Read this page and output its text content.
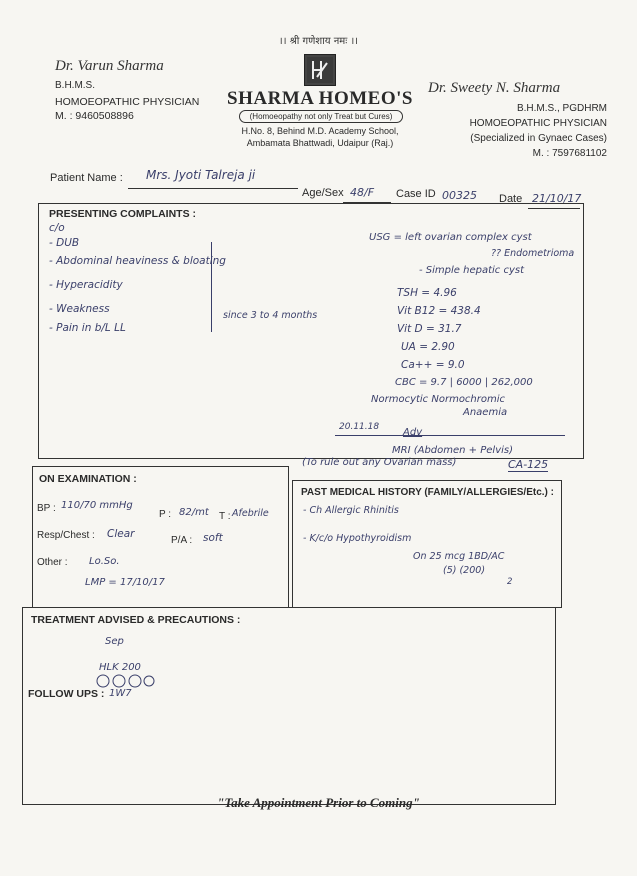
।। श्री गणेशाय नमः ।।
Dr. Varun Sharma
B.H.M.S.
HOMOEOPATHIC PHYSICIAN
M. : 9460508896
SHARMA HOMEO'S
(Homoeopathy not only Treat but Cures)
H.No. 8, Behind M.D. Academy School,
Ambamata Bhattwadi, Udaipur (Raj.)
Dr. Sweety N. Sharma
B.H.M.S., PGDHRM
HOMOEOPATHIC PHYSICIAN
(Specialized in Gynaec Cases)
M. : 7597681102
Patient Name : Mrs. Jyoti Talreja ji
Age/Sex 48/F Case ID 00325 Date 21/10/17
PRESENTING COMPLAINTS :
c/o
- DUB
- Abdominal heaviness & bloating
- Hyperacidity
- Weakness
- Pain in b/L LL
since 3 to 4 months
USG = left ovarian complex cyst
?? Endometrioma
- Simple hepatic cyst
TSH = 4.96
Vit B12 = 438.4
Vit D = 31.7
UA = 2.90
Ca++ = 9.0
CBC = 9.7 | 6000 | 262,000
Normocytic Normochromic
Anaemia
20.11.18 Adv
MRI (Abdomen + Pelvis)
(To rule out any Ovarian mass)	CA-125
ON EXAMINATION :
BP : 110/70 mmHg
P : 82/mt T : Afebrile
Resp/Chest : Clear
P/A : soft
Other : Lo.So.
LMP = 17/10/17
PAST MEDICAL HISTORY (FAMILY/ALLERGIES/Etc.) :
- Ch Allergic Rhinitis
- K/c/o Hypothyroidism
On 25 mcg 1BD/AC
(5) (200)
2
TREATMENT ADVISED & PRECAUTIONS :
Sep
HLK 200
FOLLOW UPS : 1W7
"Take Appointment Prior to Coming"
